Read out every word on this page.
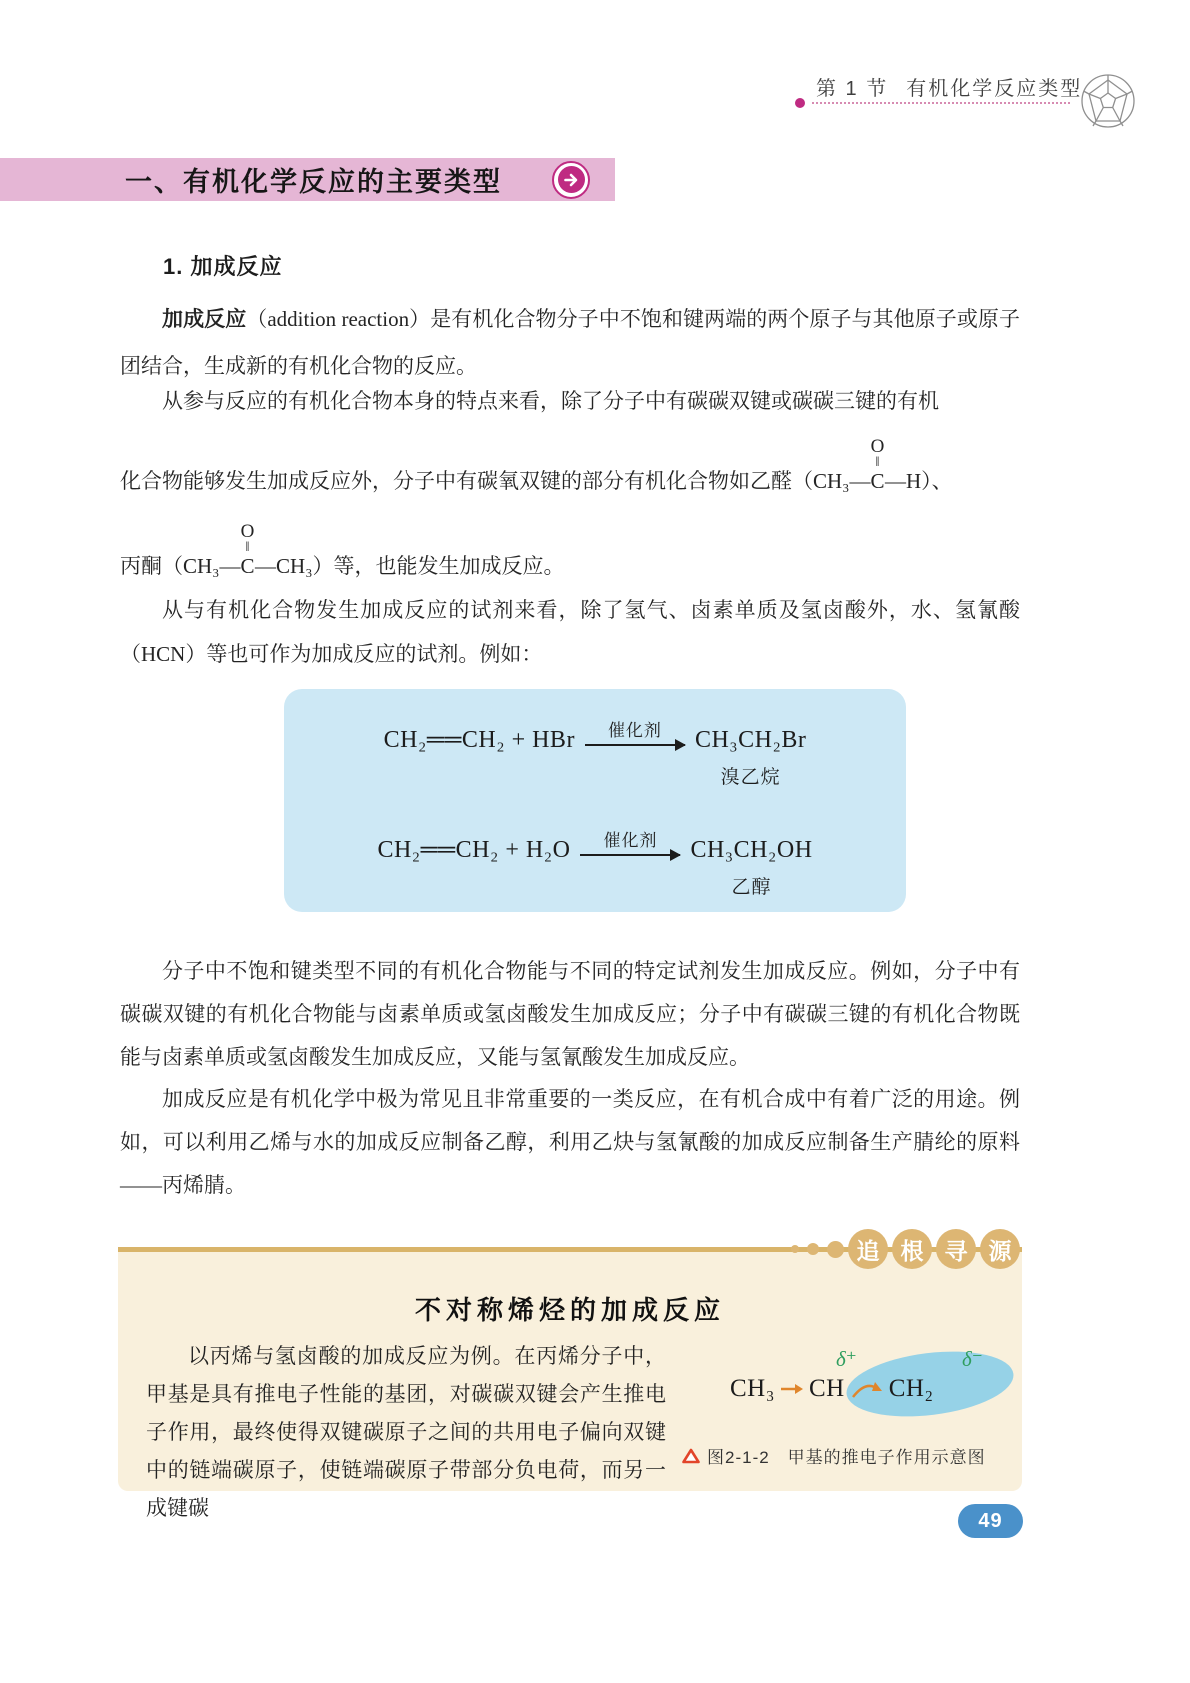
第 1 节 有机化学反应类型
一、有机化学反应的主要类型
1. 加成反应

加成反应（addition reaction）是有机化合物分子中不饱和键两端的两个原子与其他原子或原子团结合，生成新的有机化合物的反应。

从参与反应的有机化合物本身的特点来看，除了分子中有碳碳双键或碳碳三键的有机
化合物能够发生加成反应外，分子中有碳氧双键的部分有机化合物如乙醛（CH₃—
O
‖
C—H）、
丙酮（CH₃—
O
‖
C—CH₃）等，也能发生加成反应。

从与有机化合物发生加成反应的试剂来看，除了氢气、卤素单质及氢卤酸外，水、氢氰酸（HCN）等也可作为加成反应的试剂。例如：

CH₂══CH₂ + HBr 催化剂 CH₃CH₂Br
溴乙烷
CH₂══CH₂ + H₂O 催化剂 CH₃CH₂OH
乙醇

分子中不饱和键类型不同的有机化合物能与不同的特定试剂发生加成反应。例如，分子中有碳碳双键的有机化合物能与卤素单质或氢卤酸发生加成反应；分子中有碳碳三键的有机化合物既能与卤素单质或氢卤酸发生加成反应，又能与氢氰酸发生加成反应。

加成反应是有机化学中极为常见且非常重要的一类反应，在有机合成中有着广泛的用途。例如，可以利用乙烯与水的加成反应制备乙醇，利用乙炔与氢氰酸的加成反应制备生产腈纶的原料——丙烯腈。

追 根 寻 源
不对称烯烃的加成反应

以丙烯与氢卤酸的加成反应为例。在丙烯分子中，甲基是具有推电子性能的基团，对碳碳双键会产生推电子作用，最终使得双键碳原子之间的共用电子偏向双键中的链端碳原子，使链端碳原子带部分负电荷，而另一成键碳

δ⁺	δ⁻
CH₃ CH CH₂
图2-1-2　甲基的推电子作用示意图
49
